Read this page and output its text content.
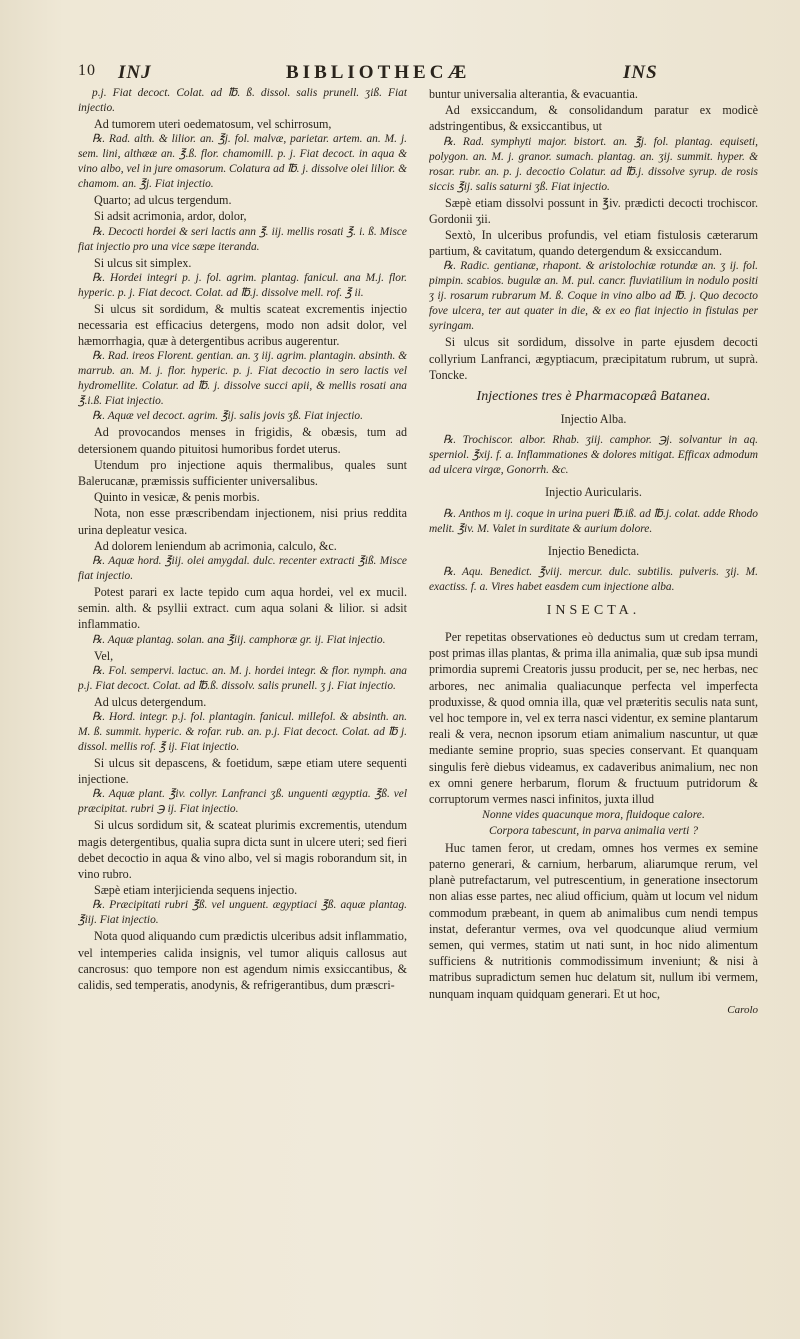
10 INJ	BIBLIOTHECÆ	INS

p.j. Fiat decoct. Colat. ad ℔. ß. dissol. salis prunell. ʒiß. Fiat injectio.

Ad tumorem uteri oedematosum, vel schirrosum,

℞. Rad. alth. & lilior. an. ℥j. fol. malvæ, parietar. artem. an. M. j. sem. lini, althææ an. ℥.ß. flor. chamomill. p. j. Fiat decoct. in aqua & vino albo, vel in jure omasorum. Colatura ad ℔. j. dissolve olei lilior. & chamom. an. ℥j. Fiat injectio.

Quarto; ad ulcus tergendum.

Si adsit acrimonia, ardor, dolor,

℞. Decocti hordei & seri lactis ann ℥. iij. mellis rosati ℥. i. ß. Misce fiat injectio pro una vice sæpe iteranda.

Si ulcus sit simplex.

℞. Hordei integri p. j. fol. agrim. plantag. fanicul. ana M.j. flor. hyperic. p. j. Fiat decoct. Colat. ad ℔.j. dissolve mell. rof. ℥ ii.

Si ulcus sit sordidum, & multis scateat excrementis injectio necessaria est efficacius detergens, modo non adsit dolor, vel hæmorrhagia, quæ à detergentibus acribus augerentur.

℞. Rad. ireos Florent. gentian. an. ʒ iij. agrim. plantagin. absinth. & marrub. an. M. j. flor. hyperic. p. j. Fiat decoctio in sero lactis vel hydromellite. Colatur. ad ℔. j. dissolve succi apii, & mellis rosati ana ℥.i.ß. Fiat injectio.

℞. Aquæ vel decoct. agrim. ℥ij. salis jovis ʒß. Fiat injectio.

Ad provocandos menses in frigidis, & obæsis, tum ad detersionem quando pituitosi humoribus fordet uterus.

Utendum pro injectione aquis thermalibus, quales sunt Balerucanæ, præmissis sufficienter universalibus.

Quinto in vesicæ, & penis morbis.

Nota, non esse præscribendam injectionem, nisi prius reddita urina depleatur vesica.

Ad dolorem leniendum ab acrimonia, calculo, &c.

℞. Aquæ hord. ℥iij. olei amygdal. dulc. recenter extracti ℥iß. Misce fiat injectio.

Potest parari ex lacte tepido cum aqua hordei, vel ex mucil. semin. alth. & psyllii extract. cum aqua solani & lilior. si adsit inflammatio.

℞. Aquæ plantag. solan. ana ℥iij. camphoræ gr. ij. Fiat injectio.

Vel,

℞. Fol. sempervi. lactuc. an. M. j. hordei integr. & flor. nymph. ana p.j. Fiat decoct. Colat. ad ℔.ß. dissolv. salis prunell. ʒ j. Fiat injectio.

Ad ulcus detergendum.

℞. Hord. integr. p.j. fol. plantagin. fanicul. millefol. & absinth. an. M. ß. summit. hyperic. & rofar. rub. an. p.j. Fiat decoct. Colat. ad ℔ j. dissol. mellis rof. ℥ ij. Fiat injectio.

Si ulcus sit depascens, & foetidum, sæpe etiam utere sequenti injectione.

℞. Aquæ plant. ℥iv. collyr. Lanfranci ʒß. unguenti ægyptia. ℥ß. vel præcipitat. rubri ℈ ij. Fiat injectio.

Si ulcus sordidum sit, & scateat plurimis excrementis, utendum magis detergentibus, qualia supra dicta sunt in ulcere uteri; sed fieri debet decoctio in aqua & vino albo, vel si magis roborandum sit, in vino rubro.

Sæpè etiam interjicienda sequens injectio.

℞. Præcipitati rubri ℥ß. vel unguent. ægyptiaci ℥ß. aquæ plantag. ℥iij. Fiat injectio.

Nota quod aliquando cum prædictis ulceribus adsit inflammatio, vel intemperies calida insignis, vel tumor aliquis callosus aut cancrosus: quo tempore non est agendum nimis exsiccantibus, & calidis, sed temperatis, anodynis, & refrigerantibus, dum præscri-

buntur universalia alterantia, & evacuantia.

Ad exsiccandum, & consolidandum paratur ex modicè adstringentibus, & exsiccantibus, ut

℞. Rad. symphyti major. bistort. an. ℥j. fol. plantag. equiseti, polygon. an. M. j. granor. sumach. plantag. an. ʒij. summit. hyper. & rosar. rubr. an. p. j. decoctio Colatur. ad ℔.j. dissolve syrup. de rosis siccis ℥ij. salis saturni ʒß. Fiat injectio.

Sæpè etiam dissolvi possunt in ℥iv. prædicti decocti trochiscor. Gordonii ʒii.

Sextò, In ulceribus profundis, vel etiam fistulosis cæterarum partium, & cavitatum, quando detergendum & exsiccandum.

℞. Radic. gentianæ, rhapont. & aristolochiæ rotundæ an. ʒ ij. fol. pimpin. scabios. bugulæ an. M. pul. cancr. fluviatilium in nodulo positi ʒ ij. rosarum rubrarum M. ß. Coque in vino albo ad ℔. j. Quo decocto fove ulcera, ter aut quater in die, & ex eo fiat injectio in fistulas per syringam.

Si ulcus sit sordidum, dissolve in parte ejusdem decocti collyrium Lanfranci, ægyptiacum, præcipitatum rubrum, ut suprà. Toncke.

Injectiones tres è Pharmacopæâ Batanea.

Injectio Alba.

℞. Trochiscor. albor. Rhab. ʒiij. camphor. ℈j. solvantur in aq. sperniol. ℥xij. f. a. Inflammationes & dolores mitigat. Efficax admodum ad ulcera virgæ, Gonorrh. &c.

Injectio Auricularis.

℞. Anthos m ij. coque in urina pueri ℔.iß. ad ℔.j. colat. adde Rhodo melit. ℥iv. M. Valet in surditate & aurium dolore.

Injectio Benedicta.

℞. Aqu. Benedict. ℥viij. mercur. dulc. subtilis. pulveris. ʒij. M. exactiss. f. a. Vires habet easdem cum injectione alba.

INSECTA.

Per repetitas observationes eò deductus sum ut credam terram, post primas illas plantas, & prima illa animalia, quæ sub ipsa mundi primordia supremi Creatoris jussu producit, per se, nec herbas, nec arbores, nec animalia qualiacunque perfecta vel imperfecta produxisse, & quod omnia illa, quæ vel præteritis seculis nata sunt, vel hoc tempore in, vel ex terra nasci videntur, ex semine plantarum reali & vera, necnon ipsorum etiam animalium nascuntur, ut quæ mediante semine proprio, suas species conservant. Et quanquam singulis ferè diebus videamus, ex cadaveribus animalium, nec non ex omni genere herbarum, florum & fructuum putridorum & corruptorum vermes nasci infinitos, juxta illud

Nonne vides quacunque mora, fluidoque calore.

Corpora tabescunt, in parva animalia verti ?

Huc tamen feror, ut credam, omnes hos vermes ex semine paterno generari, & carnium, herbarum, aliarumque rerum, vel planè putrefactarum, vel putrescentium, in generatione insectorum non alias esse partes, nec aliud officium, quàm ut locum vel nidum commodum præbeant, in quem ab animalibus cum nendi tempus instat, deferantur vermes, ova vel quodcunque aliud vermium semen, qui vermes, statim ut nati sunt, in hoc nido alimentum sufficiens & nutritionis commodissimum inveniunt; & nisi à matribus supradictum semen huc delatum sit, nullum ibi vermem, nunquam inquam quidquam generari. Et ut hoc,

Carolo
